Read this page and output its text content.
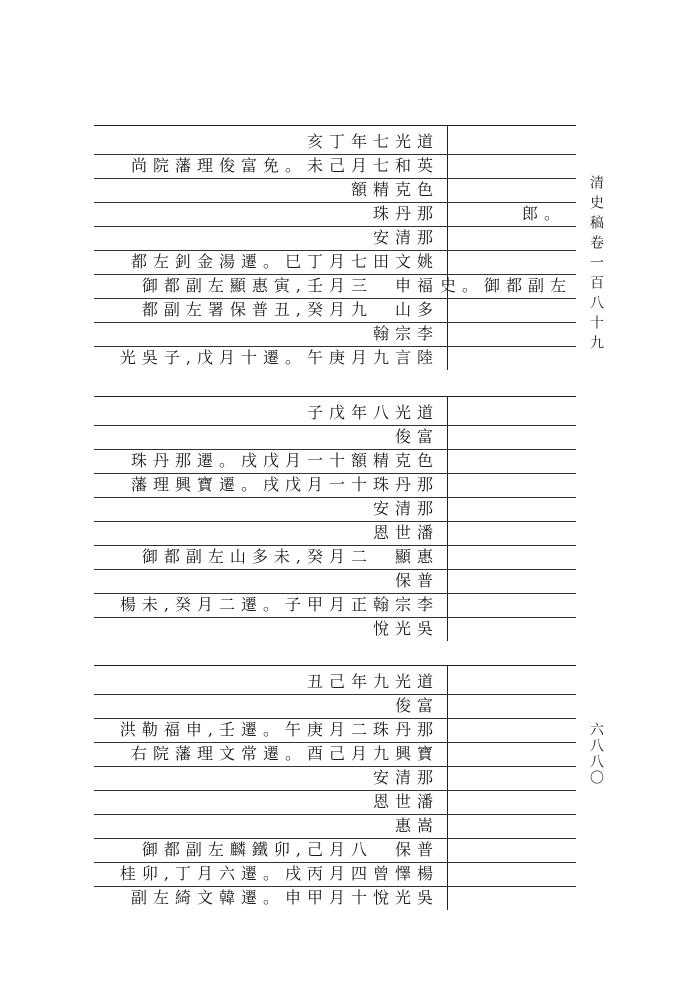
亥丁年七光道
尚院藩理俊富免。未己月七和英
額精克色
珠丹那	郎。
安清那
都左釗金湯遷。巳丁月七田文姚
御都副左顯惠寅,壬月三　申福 史。御都副左
都副左署保普丑,癸月九　山多
翰宗李
光吳子,戊月十遷。午庚月九言陸
子戊年八光道
俊富
珠丹那遷。戌戊月一十額精克色
藩理興寶遷。戌戊月一十珠丹那
安清那
恩世潘
御都副左山多未,癸月二　顯惠
保普
楊未,癸月二遷。子甲月正翰宗李
悅光吳
丑己年九光道
俊富
洪勒福申,壬遷。午庚月二珠丹那
右院藩理文常遷。酉己月九興寶
安清那
恩世潘
惠嵩
御都副左麟鐵卯,己月八　保普
桂卯,丁月六遷。戌丙月四曾懌楊
副左綺文韓遷。申甲月十悅光吳
清史稿卷一百八十九
六八八〇
